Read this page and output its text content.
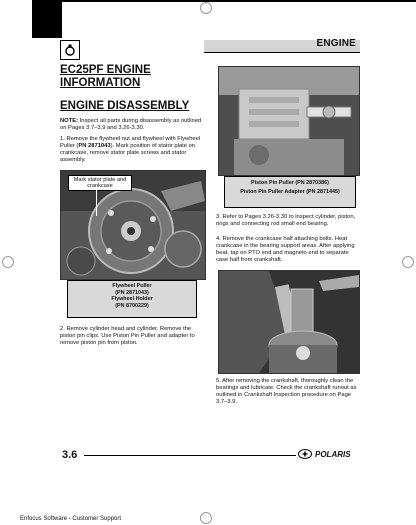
ENGINE
EC25PF ENGINE INFORMATION
ENGINE DISASSEMBLY
NOTE: Inspect all parts during disassembly as outlined on Pages 3.7–3.9 and 3.26-3.30.
1. Remove the flywheel nut and flywheel with Flywheel Puller (PN 2871043). Mark position of stator plate on crankcase, remove stator plate screws and stator assembly.
Mark stator plate and crankcase
Flywheel Puller
(PN 2871043)
Flywheel Holder
(PN 8700229)
2. Remove cylinder head and cylinder. Remove the piston pin clips. Use Piston Pin Puller and adapter to remove piston pin from piston.
Piston Pin Puller (PN 2870386)
Piston Pin Puller Adapter (PN 2871445)
3. Refer to Pages 3.26-3.30 to inspect cylinder, piston, rings and connecting rod small end bearing.
4. Remove the crankcase half attaching bolts. Heat crankcase in the bearing support areas. After applying heat, tap on PTO end and magneto end to separate case half from crankshaft.
5. After removing the crankshaft, thoroughly clean the bearings and lubricate. Check the crankshaft runout as outlined in Crankshaft Inspection procedure on Page 3.7–3.9.
3.6	POLARIS
Enfocus Software - Customer Support
